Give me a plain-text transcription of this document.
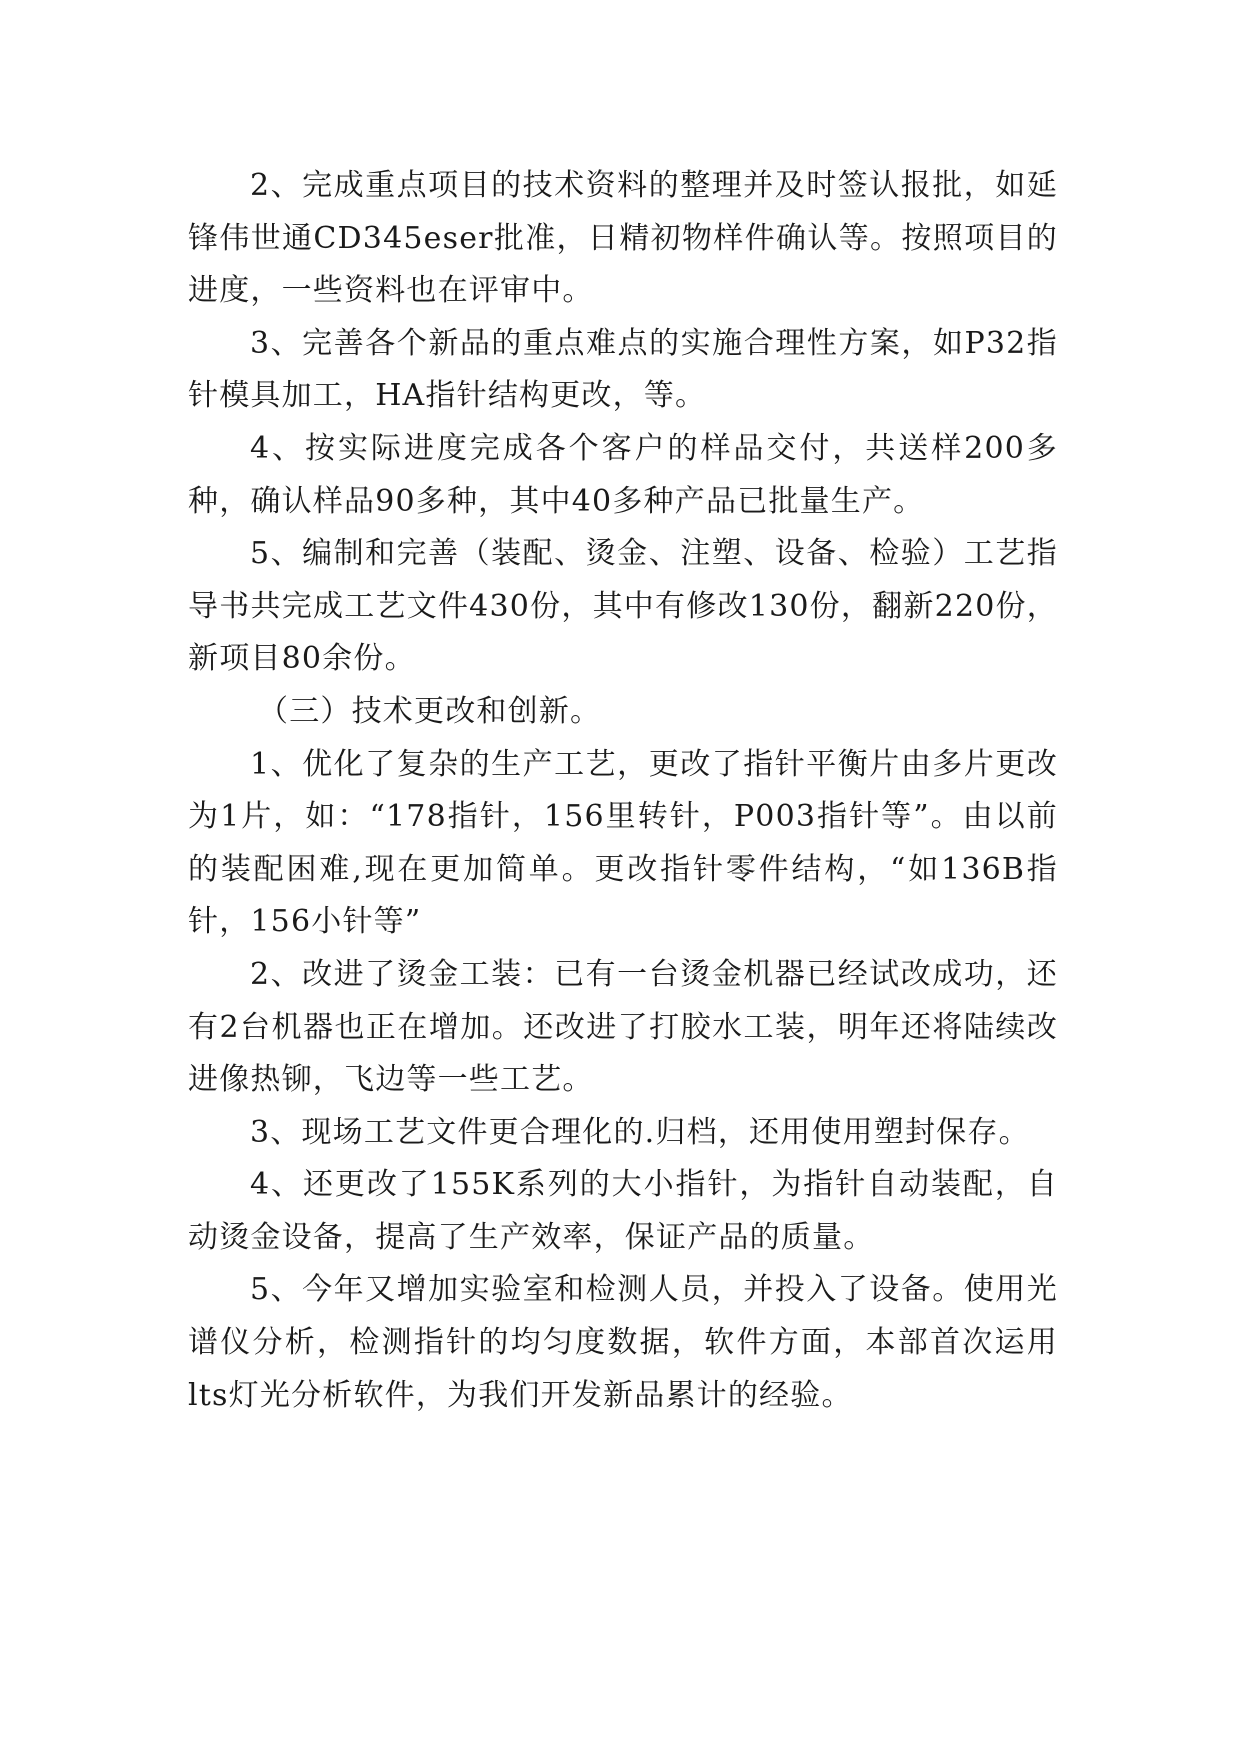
2、完成重点项目的技术资料的整理并及时签认报批，如延锋伟世通CD345eser批准，日精初物样件确认等。按照项目的进度，一些资料也在评审中。

3、完善各个新品的重点难点的实施合理性方案，如P32指针模具加工，HA指针结构更改，等。

4、按实际进度完成各个客户的样品交付，共送样200多种，确认样品90多种，其中40多种产品已批量生产。

5、编制和完善（装配、烫金、注塑、设备、检验）工艺指导书共完成工艺文件430份，其中有修改130份，翻新220份，新项目80余份。

（三）技术更改和创新。

1、优化了复杂的生产工艺，更改了指针平衡片由多片更改为1片，如：“178指针，156里转针，P003指针等”。由以前的装配困难,现在更加简单。更改指针零件结构，“如136B指针，156小针等”

2、改进了烫金工装：已有一台烫金机器已经试改成功，还有2台机器也正在增加。还改进了打胶水工装，明年还将陆续改进像热铆，飞边等一些工艺。

3、现场工艺文件更合理化的.归档，还用使用塑封保存。

4、还更改了155K系列的大小指针，为指针自动装配，自动烫金设备，提高了生产效率，保证产品的质量。

5、今年又增加实验室和检测人员，并投入了设备。使用光谱仪分析，检测指针的均匀度数据，软件方面，本部首次运用lts灯光分析软件，为我们开发新品累计的经验。
